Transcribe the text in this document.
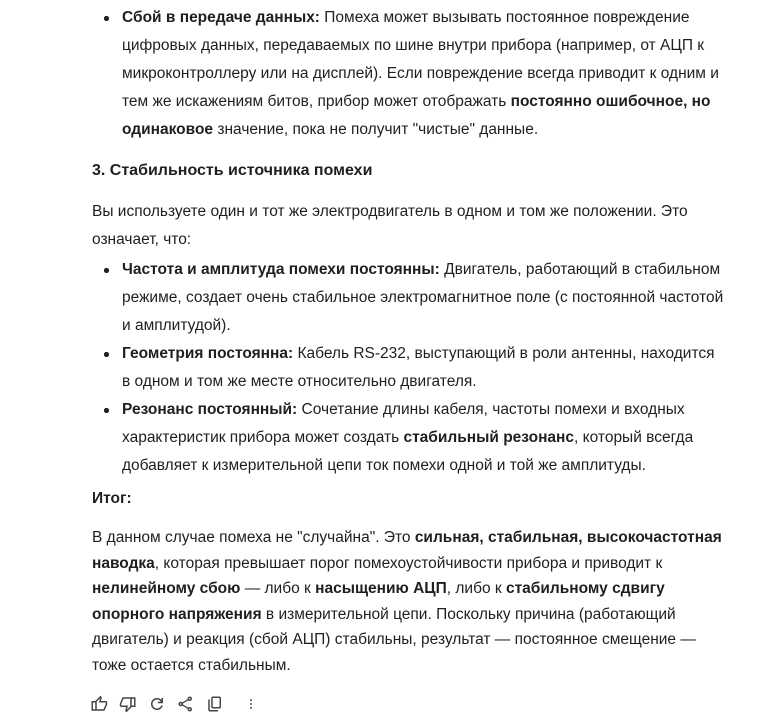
Сбой в передаче данных: Помеха может вызывать постоянное повреждение цифровых данных, передаваемых по шине внутри прибора (например, от АЦП к микроконтроллеру или на дисплей). Если повреждение всегда приводит к одним и тем же искажениям битов, прибор может отображать постоянно ошибочное, но одинаковое значение, пока не получит "чистые" данные.
3. Стабильность источника помехи

Вы используете один и тот же электродвигатель в одном и том же положении. Это означает, что:

Частота и амплитуда помехи постоянны: Двигатель, работающий в стабильном режиме, создает очень стабильное электромагнитное поле (с постоянной частотой и амплитудой).
Геометрия постоянна: Кабель RS-232, выступающий в роли антенны, находится в одном и том же месте относительно двигателя.
Резонанс постоянный: Сочетание длины кабеля, частоты помехи и входных характеристик прибора может создать стабильный резонанс, который всегда добавляет к измерительной цепи ток помехи одной и той же амплитуды.

Итог:

В данном случае помеха не "случайна". Это сильная, стабильная, высокочастотная наводка, которая превышает порог помехоустойчивости прибора и приводит к нелинейному сбою — либо к насыщению АЦП, либо к стабильному сдвигу опорного напряжения в измерительной цепи. Поскольку причина (работающий двигатель) и реакция (сбой АЦП) стабильны, результат — постоянное смещение — тоже остается стабильным.
